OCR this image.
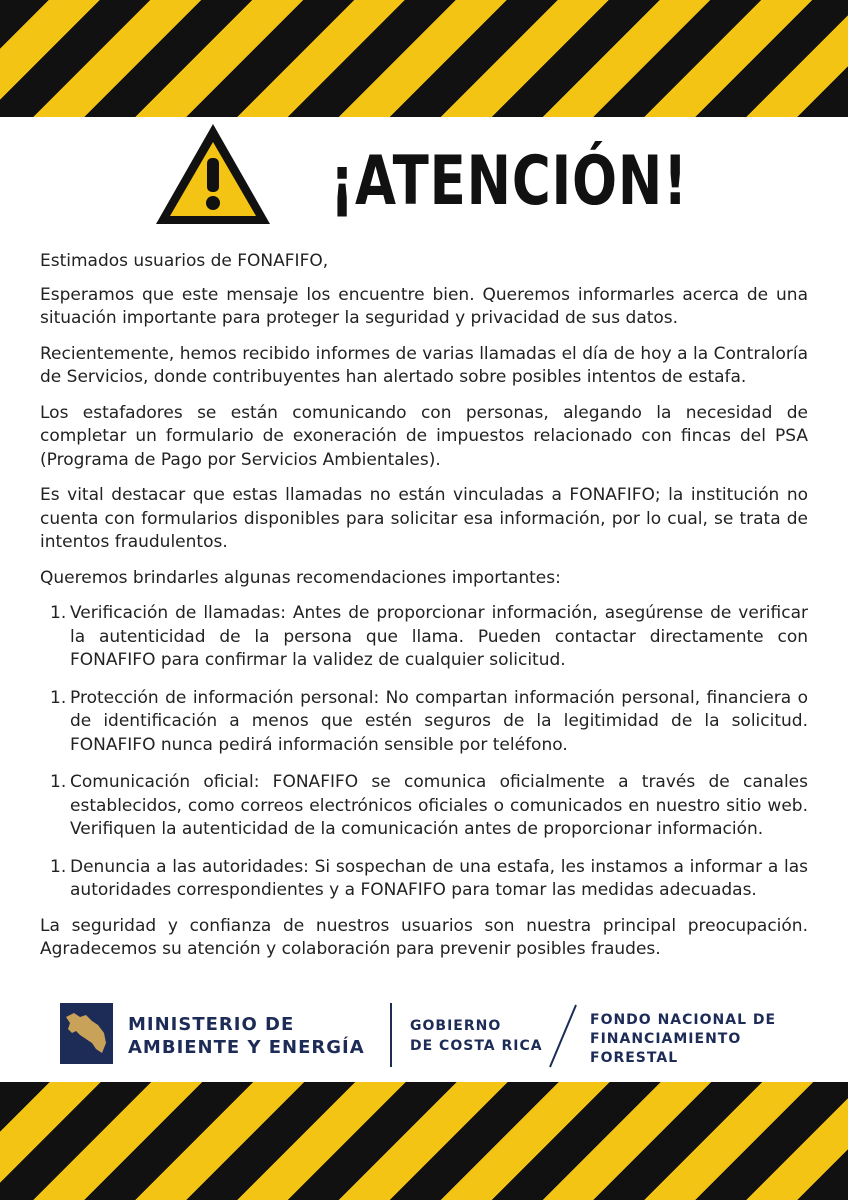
¡ATENCIÓN!

Estimados usuarios de FONAFIFO,

Esperamos que este mensaje los encuentre bien. Queremos informarles acerca de una situación importante para proteger la seguridad y privacidad de sus datos.

Recientemente, hemos recibido informes de varias llamadas el día de hoy a la Contraloría de Servicios, donde contribuyentes han alertado sobre posibles intentos de estafa.

Los estafadores se están comunicando con personas, alegando la necesidad de completar un formulario de exoneración de impuestos relacionado con fincas del PSA (Programa de Pago por Servicios Ambientales).

Es vital destacar que estas llamadas no están vinculadas a FONAFIFO; la institución no cuenta con formularios disponibles para solicitar esa información, por lo cual, se trata de intentos fraudulentos.

Queremos brindarles algunas recomendaciones importantes:

1. Verificación de llamadas: Antes de proporcionar información, asegúrense de verificar la autenticidad de la persona que llama. Pueden contactar directamente con FONAFIFO para confirmar la validez de cualquier solicitud.
1. Protección de información personal: No compartan información personal, financiera o de identificación a menos que estén seguros de la legitimidad de la solicitud. FONAFIFO nunca pedirá información sensible por teléfono.
1. Comunicación oficial: FONAFIFO se comunica oficialmente a través de canales establecidos, como correos electrónicos oficiales o comunicados en nuestro sitio web. Verifiquen la autenticidad de la comunicación antes de proporcionar información.
1. Denuncia a las autoridades: Si sospechan de una estafa, les instamos a informar a las autoridades correspondientes y a FONAFIFO para tomar las medidas adecuadas.

La seguridad y confianza de nuestros usuarios son nuestra principal preocupación. Agradecemos su atención y colaboración para prevenir posibles fraudes.

MINISTERIO DE
AMBIENTE Y ENERGÍA
GOBIERNO
DE COSTA RICA
FONDO NACIONAL DE
FINANCIAMIENTO
FORESTAL
